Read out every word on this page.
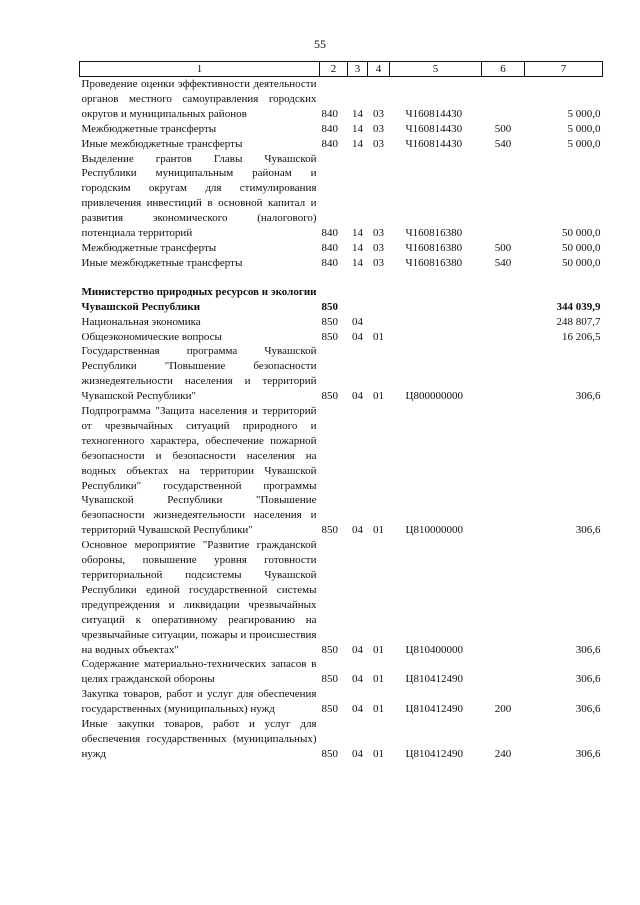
55
1	2	3	4	5	6	7
Проведение оценки эффективности деятельности органов местного самоуправления городских округов и муниципальных районов	840	14	03	Ч160814430		5 000,0
Межбюджетные трансферты	840	14	03	Ч160814430	500	5 000,0
Иные межбюджетные трансферты	840	14	03	Ч160814430	540	5 000,0
Выделение грантов Главы Чувашской Республики муниципальным районам и городским округам для стимулирования привлечения инвестиций в основной капитал и развития экономического (налогового) потенциала территорий	840	14	03	Ч160816380		50 000,0
Межбюджетные трансферты	840	14	03	Ч160816380	500	50 000,0
Иные межбюджетные трансферты	840	14	03	Ч160816380	540	50 000,0

Министерство природных ресурсов и экологии Чувашской Республики	850					344 039,9
Национальная экономика	850	04				248 807,7
Общеэкономические вопросы	850	04	01			16 206,5
Государственная программа Чувашской Республики "Повышение безопасности жизнедеятельности населения и территорий Чувашской Республики"	850	04	01	Ц800000000		306,6
Подпрограмма "Защита населения и территорий от чрезвычайных ситуаций природного и техногенного характера, обеспечение пожарной безопасности и безопасности населения на водных объектах на территории Чувашской Республики" государственной программы Чувашской Республики "Повышение безопасности жизнедеятельности населения и территорий Чувашской Республики"	850	04	01	Ц810000000		306,6
Основное мероприятие "Развитие гражданской обороны, повышение уровня готовности территориальной подсистемы Чувашской Республики единой государственной системы предупреждения и ликвидации чрезвычайных ситуаций к оперативному реагированию на чрезвычайные ситуации, пожары и происшествия на водных объектах"	850	04	01	Ц810400000		306,6
Содержание материально-технических запасов в целях гражданской обороны	850	04	01	Ц810412490		306,6
Закупка товаров, работ и услуг для обеспечения государственных (муниципальных) нужд	850	04	01	Ц810412490	200	306,6
Иные закупки товаров, работ и услуг для обеспечения государственных (муниципальных) нужд	850	04	01	Ц810412490	240	306,6
